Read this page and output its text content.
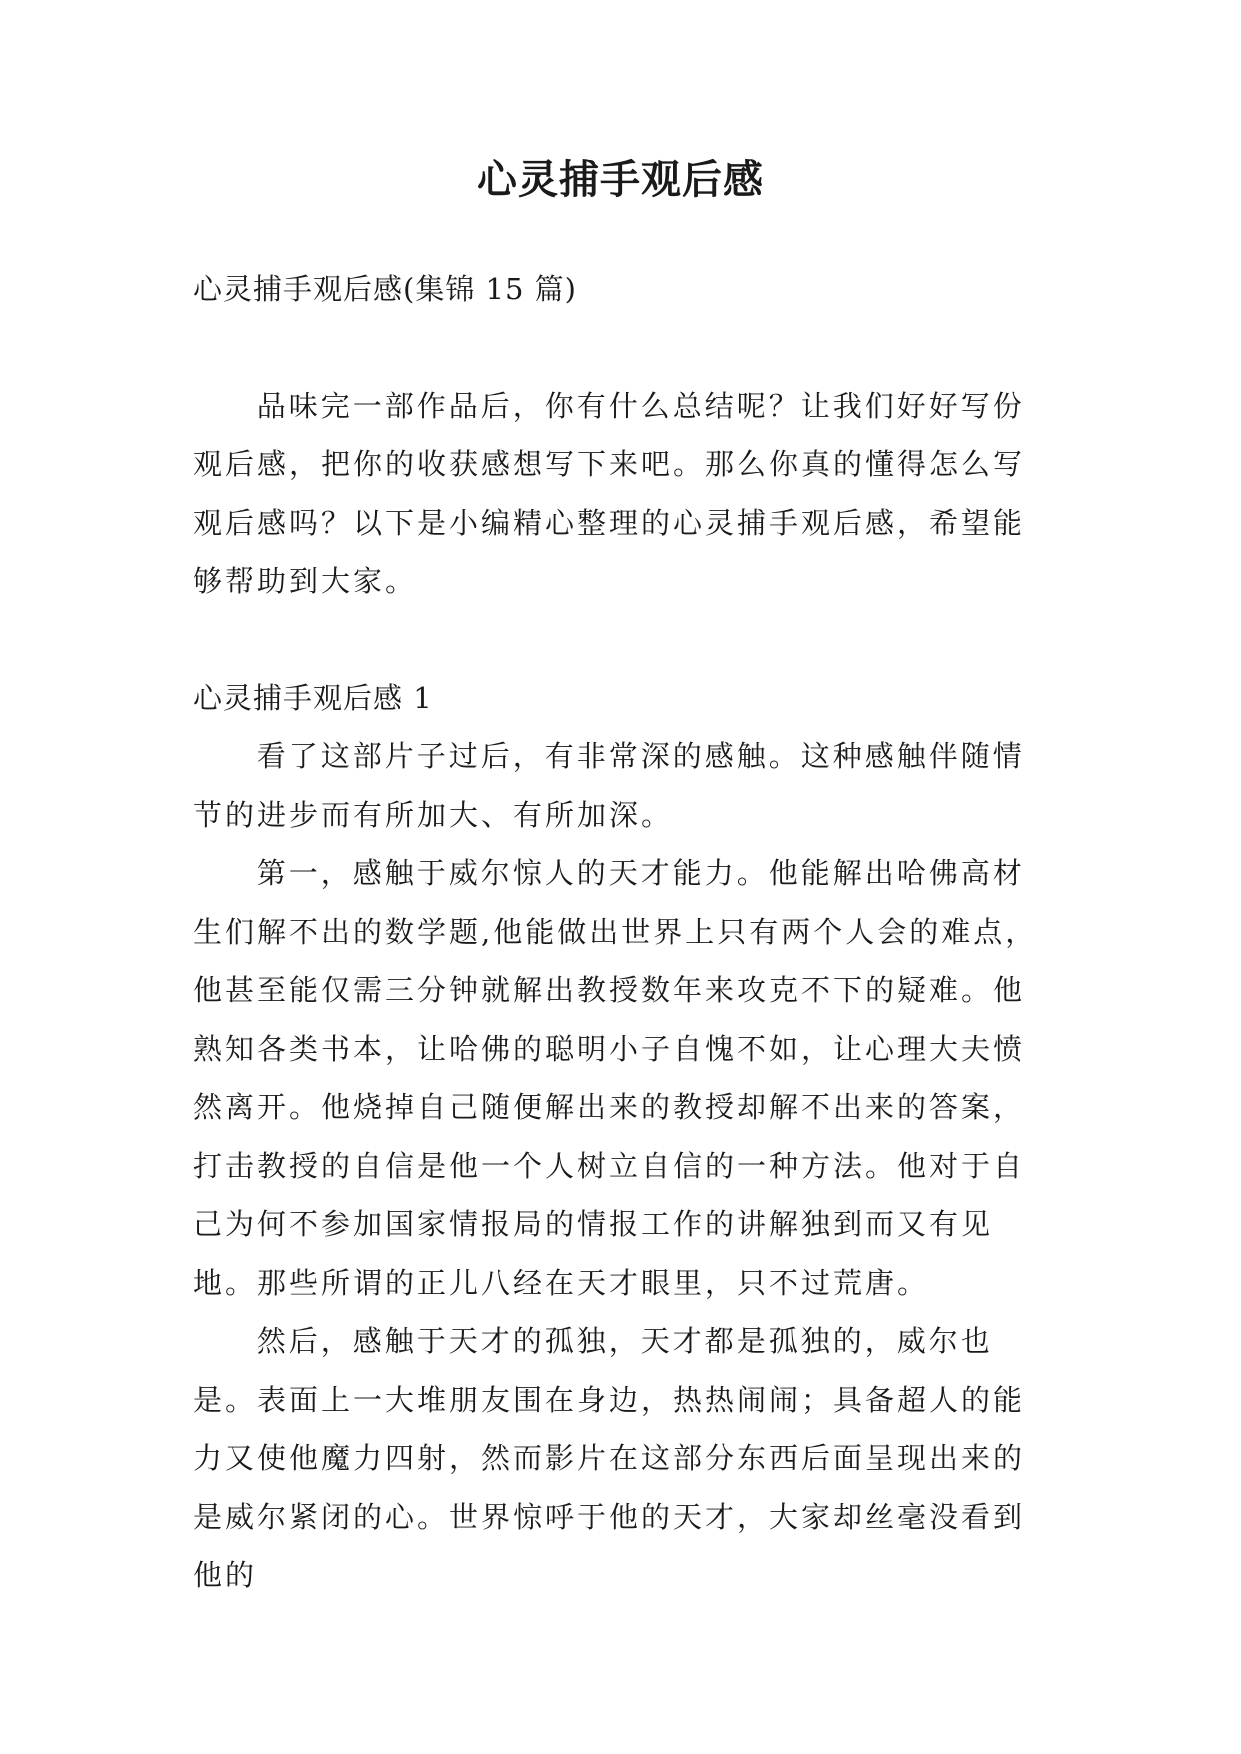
心灵捕手观后感

心灵捕手观后感(集锦 15 篇)

品味完一部作品后，你有什么总结呢？让我们好好写份观后感，把你的收获感想写下来吧。那么你真的懂得怎么写观后感吗？以下是小编精心整理的心灵捕手观后感，希望能够帮助到大家。

心灵捕手观后感 1

看了这部片子过后，有非常深的感触。这种感触伴随情节的进步而有所加大、有所加深。

第一，感触于威尔惊人的天才能力。他能解出哈佛高材生们解不出的数学题,他能做出世界上只有两个人会的难点，他甚至能仅需三分钟就解出教授数年来攻克不下的疑难。他熟知各类书本，让哈佛的聪明小子自愧不如，让心理大夫愤然离开。他烧掉自己随便解出来的教授却解不出来的答案，打击教授的自信是他一个人树立自信的一种方法。他对于自己为何不参加国家情报局的情报工作的讲解独到而又有见地。那些所谓的正儿八经在天才眼里，只不过荒唐。

然后，感触于天才的孤独，天才都是孤独的，威尔也是。表面上一大堆朋友围在身边，热热闹闹；具备超人的能力又使他魔力四射，然而影片在这部分东西后面呈现出来的是威尔紧闭的心。世界惊呼于他的天才，大家却丝毫没看到他的
